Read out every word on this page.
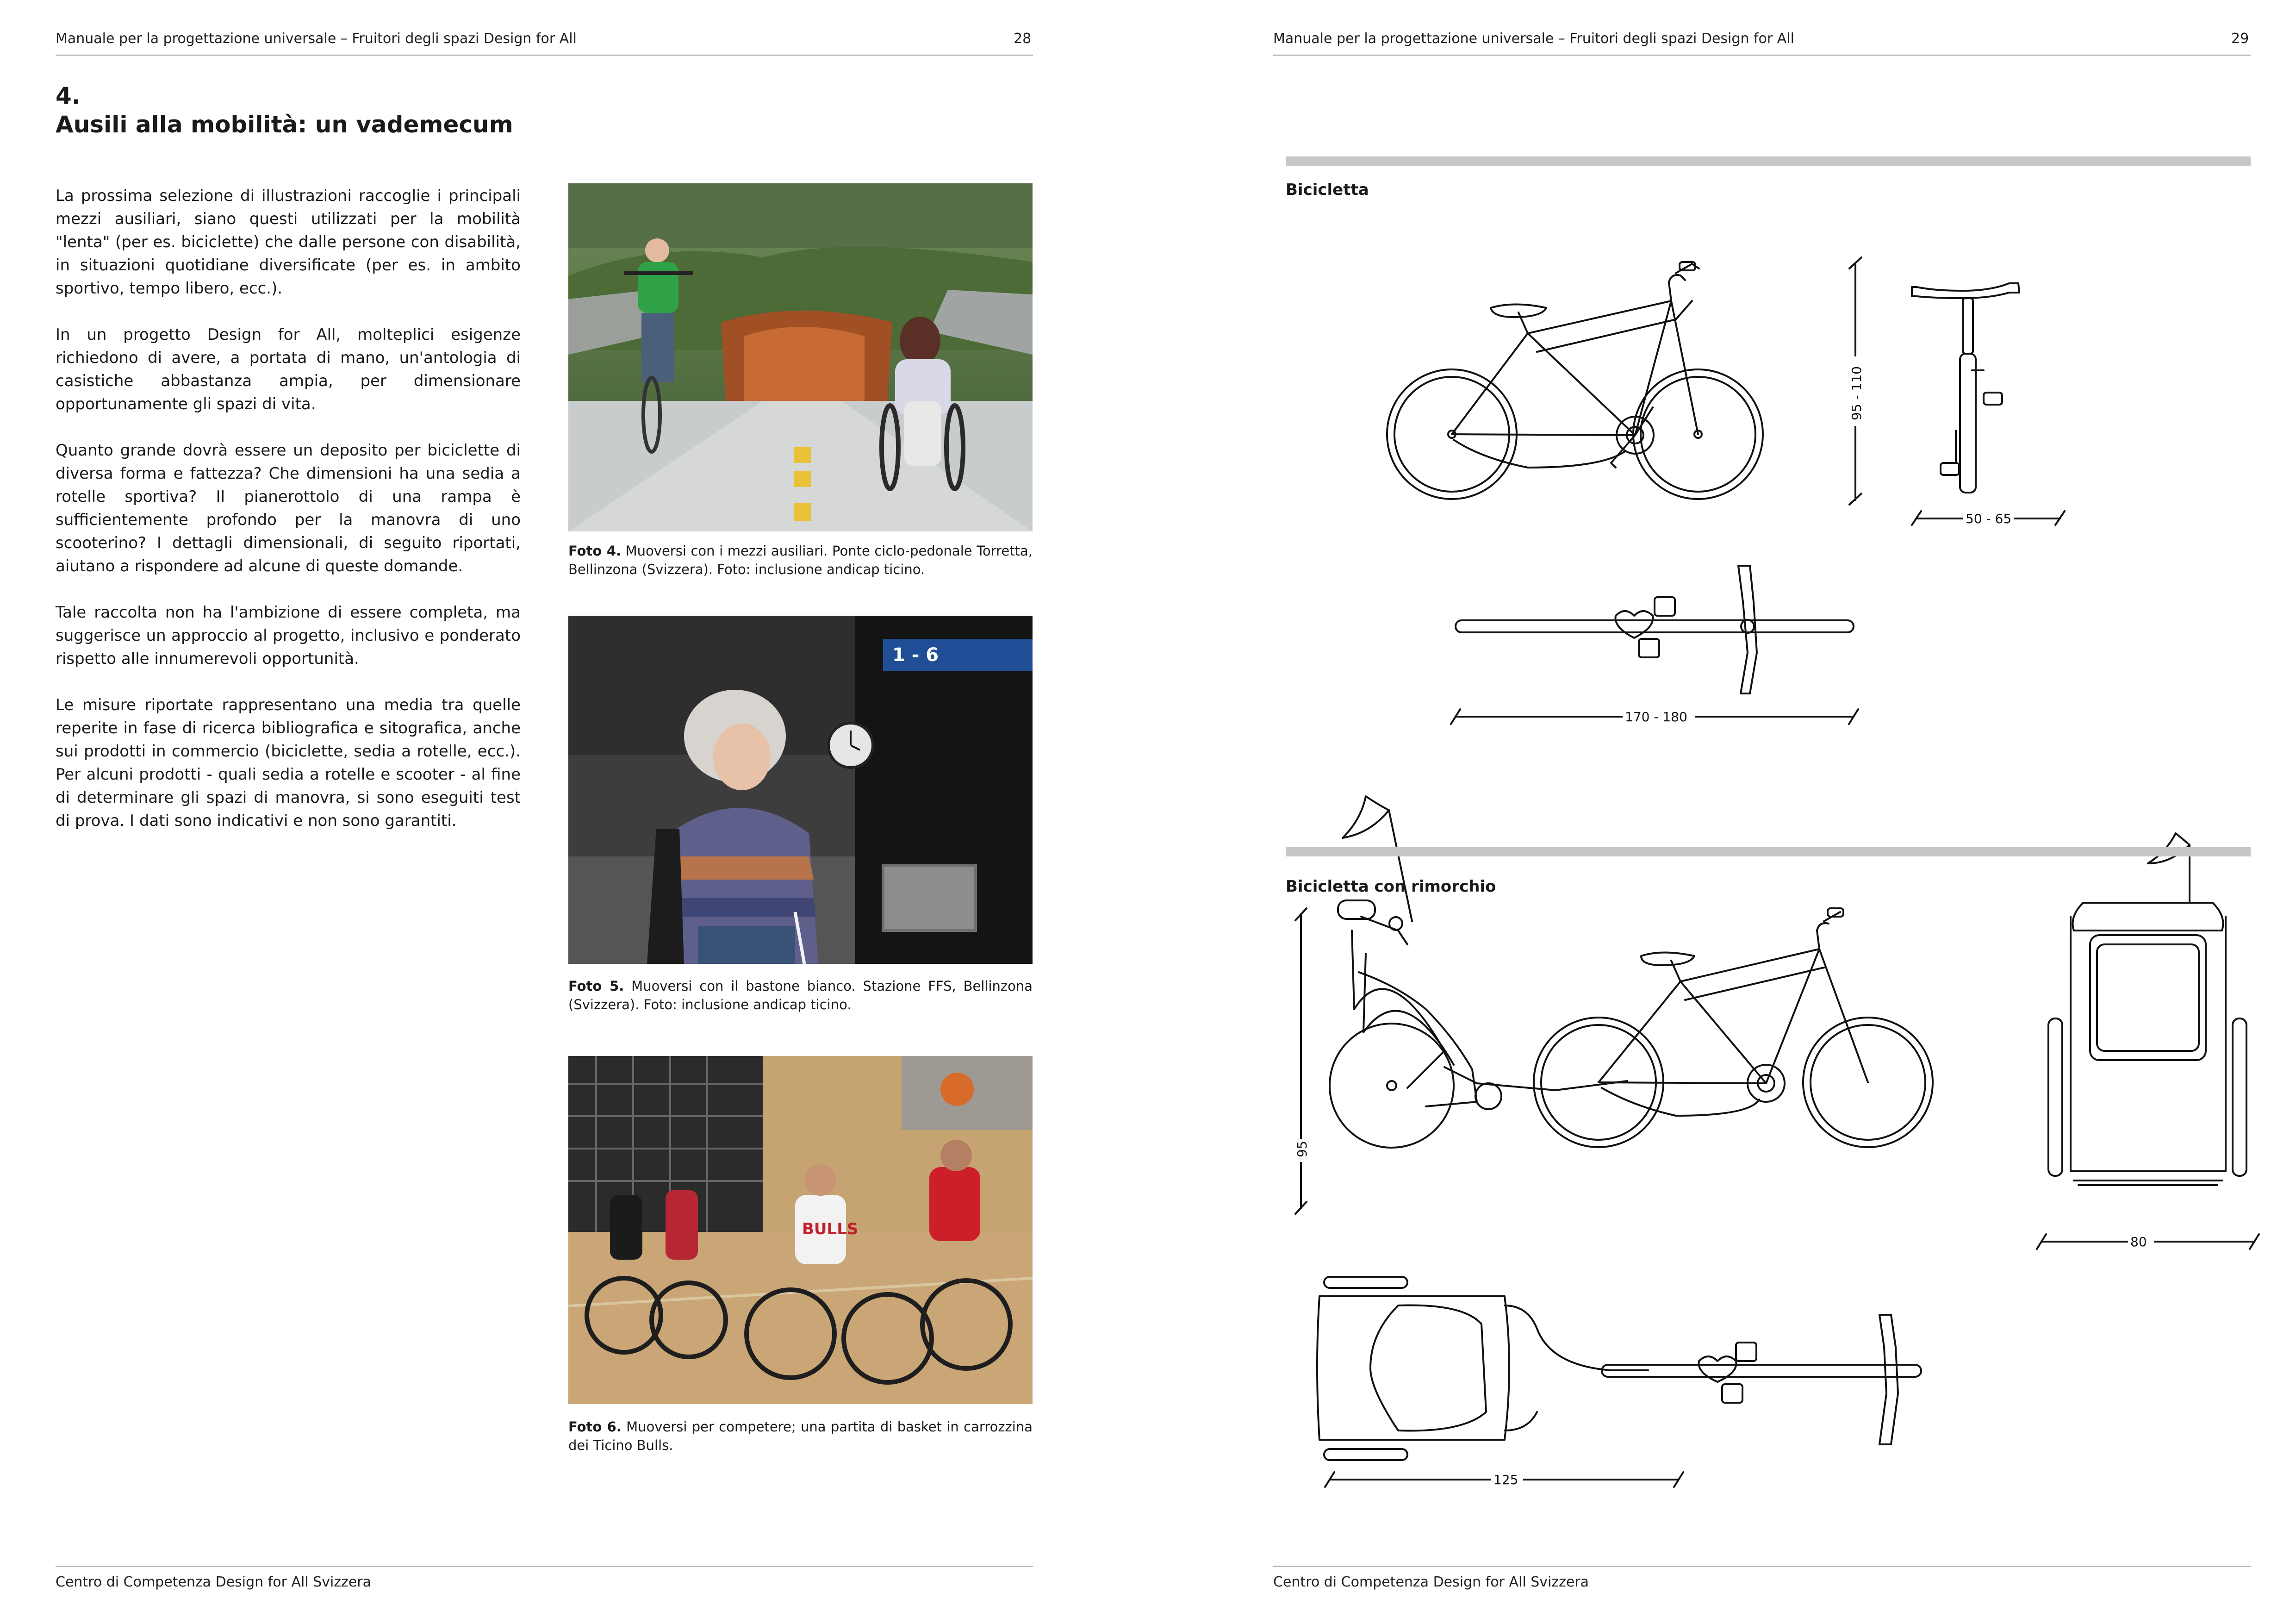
Manuale per la progettazione universale – Fruitori degli spazi Design for All	28
4.
Ausili alla mobilità: un vademecum

La prossima selezione di illustrazioni raccoglie i principali mezzi ausiliari, siano questi utilizzati per la mobilità "lenta" (per es. biciclette) che dalle persone con disabilità, in situazioni quotidiane diversificate (per es. in ambito sportivo, tempo libero, ecc.).

In un progetto Design for All, molteplici esigenze richiedono di avere, a portata di mano, un'antologia di casistiche abbastanza ampia, per dimensionare opportunamente gli spazi di vita.

Quanto grande dovrà essere un deposito per biciclette di diversa forma e fattezza? Che dimensioni ha una sedia a rotelle sportiva? Il pianerottolo di una rampa è sufficientemente profondo per la manovra di uno scooterino? I dettagli dimensionali, di seguito riportati, aiutano a rispondere ad alcune di queste domande.

Tale raccolta non ha l'ambizione di essere completa, ma suggerisce un approccio al progetto, inclusivo e ponderato rispetto alle innumerevoli opportunità.

Le misure riportate rappresentano una media tra quelle reperite in fase di ricerca bibliografica e sitografica, anche sui prodotti in commercio (biciclette, sedia a rotelle, ecc.). Per alcuni prodotti - quali sedia a rotelle e scooter - al fine di determinare gli spazi di manovra, si sono eseguiti test di prova. I dati sono indicativi e non sono garantiti.

Foto 4. Muoversi con i mezzi ausiliari. Ponte ciclo-pedonale Torretta, Bellinzona (Svizzera). Foto: inclusione andicap ticino.
1 - 6
Foto 5. Muoversi con il bastone bianco. Stazione FFS, Bellinzona (Svizzera). Foto: inclusione andicap ticino.
BULLS
Foto 6. Muoversi per competere; una partita di basket in carrozzina dei Ticino Bulls.
Centro di Competenza Design for All Svizzera
Manuale per la progettazione universale – Fruitori degli spazi Design for All	29
Bicicletta
95 - 110
50 - 65
170 - 180
95
80
125
Bicicletta con rimorchio
Centro di Competenza Design for All Svizzera
